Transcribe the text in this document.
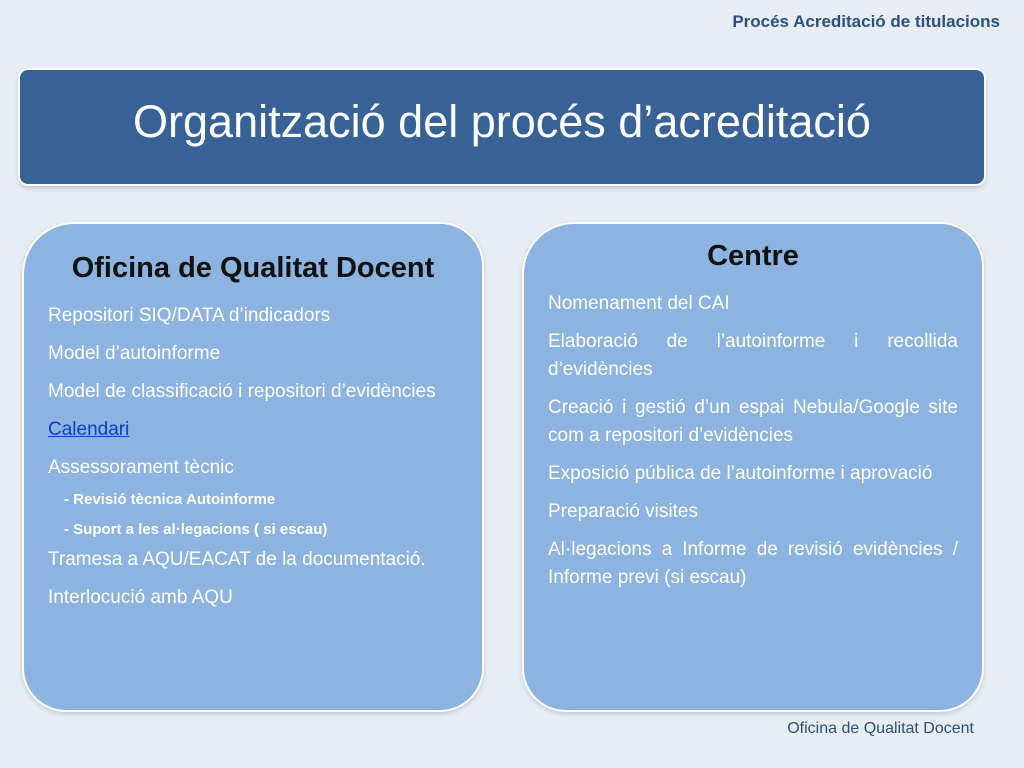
Procés Acreditació de titulacions
Organització del procés d’acreditació
Oficina de Qualitat Docent
Repositori SIQ/DATA d’indicadors
Model d’autoinforme
Model de classificació i repositori d’evidències
Calendari
Assessorament tècnic
- Revisió tècnica Autoinforme
- Suport a les al·legacions ( si escau)
Tramesa a AQU/EACAT de la documentació.
Interlocució amb AQU
Centre
Nomenament del CAI
Elaboració de l’autoinforme i recollida d’evidències
Creació i gestió d’un espai Nebula/Google site com a repositori d’evidències
Exposició pública de l’autoinforme i aprovació
Preparació visites
Al·legacions a Informe de revisió evidències / Informe previ (si escau)
Oficina de Qualitat Docent
